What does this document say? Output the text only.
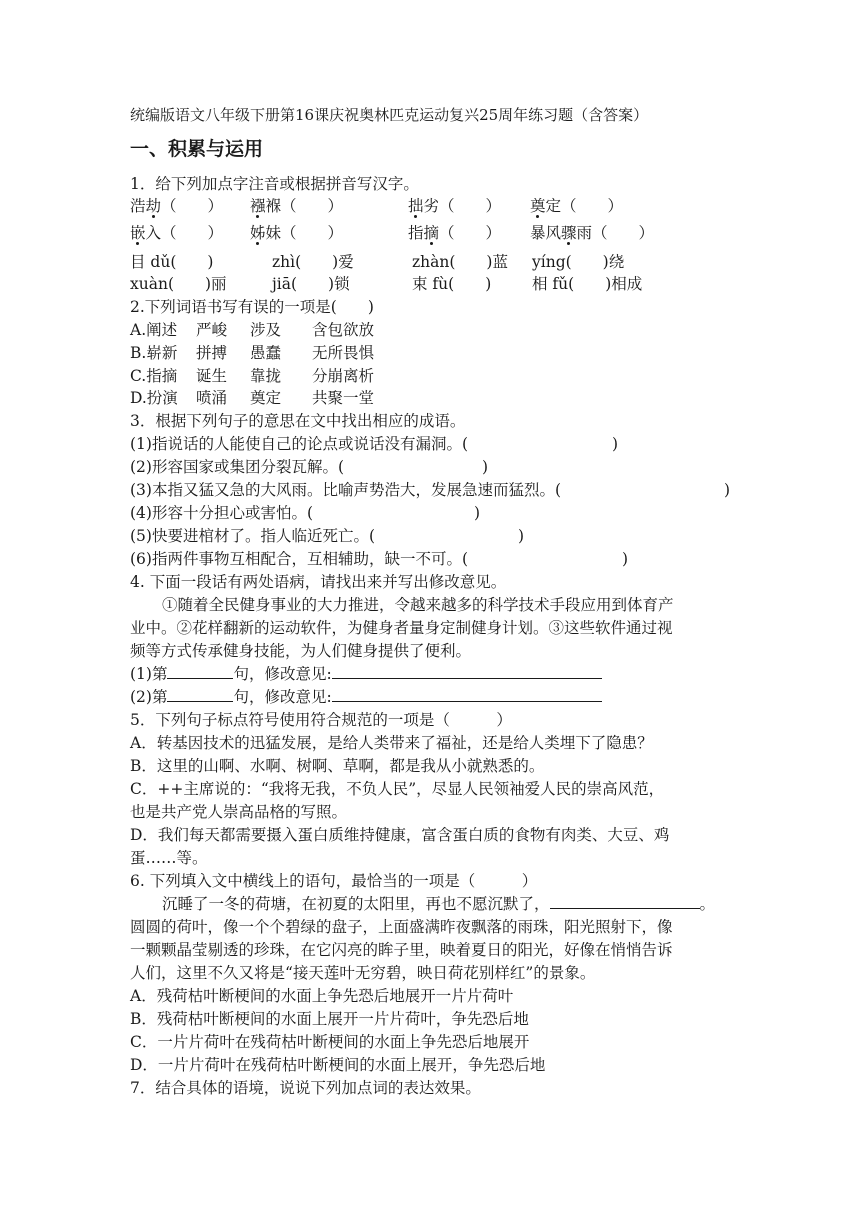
统编版语文八年级下册第16课庆祝奥林匹克运动复兴25周年练习题（含答案）
一、积累与运用
1．给下列加点字注音或根据拼音写汉字。
浩劫（　　） 襁褓（　　）	拙劣（　　） 奠定（　　）
嵌入（　　） 姊妹（　　）	指摘（　　） 暴风骤雨（　　）
目 dǔ(　　)	zhì(　　)爱	zhàn(　　)蓝 yíng(　　)绕
xuàn(　　)丽	jiā(　　)锁	束 fù(　　)	相 fǔ(　　)相成
2.下列词语书写有误的一项是(　　)
A.阐述 严峻 涉及 含包欲放
B.崭新 拼搏 愚蠢 无所畏惧
C.指摘 诞生 靠拢 分崩离析
D.扮演 喷涌 奠定 共聚一堂
3．根据下列句子的意思在文中找出相应的成语。
(1)指说话的人能使自己的论点或说话没有漏洞。(	)
(2)形容国家或集团分裂瓦解。(	)
(3)本指又猛又急的大风雨。比喻声势浩大，发展急速而猛烈。(	)
(4)形容十分担心或害怕。(	)
(5)快要进棺材了。指人临近死亡。(	)
(6)指两件事物互相配合，互相辅助，缺一不可。(	)
4. 下面一段话有两处语病，请找出来并写出修改意见。
①随着全民健身事业的大力推进，令越来越多的科学技术手段应用到体育产
业中。②花样翻新的运动软件，为健身者量身定制健身计划。③这些软件通过视
频等方式传承健身技能，为人们健身提供了便利。
(1)第	句，修改意见:
(2)第	句，修改意见:
5．下列句子标点符号使用符合规范的一项是（　　　）
A．转基因技术的迅猛发展，是给人类带来了福祉，还是给人类埋下了隐患？
B．这里的山啊、水啊、树啊、草啊，都是我从小就熟悉的。
C．++主席说的：“我将无我，不负人民”，尽显人民领袖爱人民的崇高风范，
也是共产党人崇高品格的写照。
D．我们每天都需要摄入蛋白质维持健康，富含蛋白质的食物有肉类、大豆、鸡
蛋……等。
6. 下列填入文中横线上的语句，最恰当的一项是（　　　）
沉睡了一冬的荷塘，在初夏的太阳里，再也不愿沉默了，	。
圆圆的荷叶，像一个个碧绿的盘子，上面盛满昨夜飘落的雨珠，阳光照射下，像
一颗颗晶莹剔透的珍珠，在它闪亮的眸子里，映着夏日的阳光，好像在悄悄告诉
人们，这里不久又将是“接天莲叶无穷碧，映日荷花别样红”的景象。
A．残荷枯叶断梗间的水面上争先恐后地展开一片片荷叶
B．残荷枯叶断梗间的水面上展开一片片荷叶，争先恐后地
C．一片片荷叶在残荷枯叶断梗间的水面上争先恐后地展开
D．一片片荷叶在残荷枯叶断梗间的水面上展开，争先恐后地
7．结合具体的语境，说说下列加点词的表达效果。
